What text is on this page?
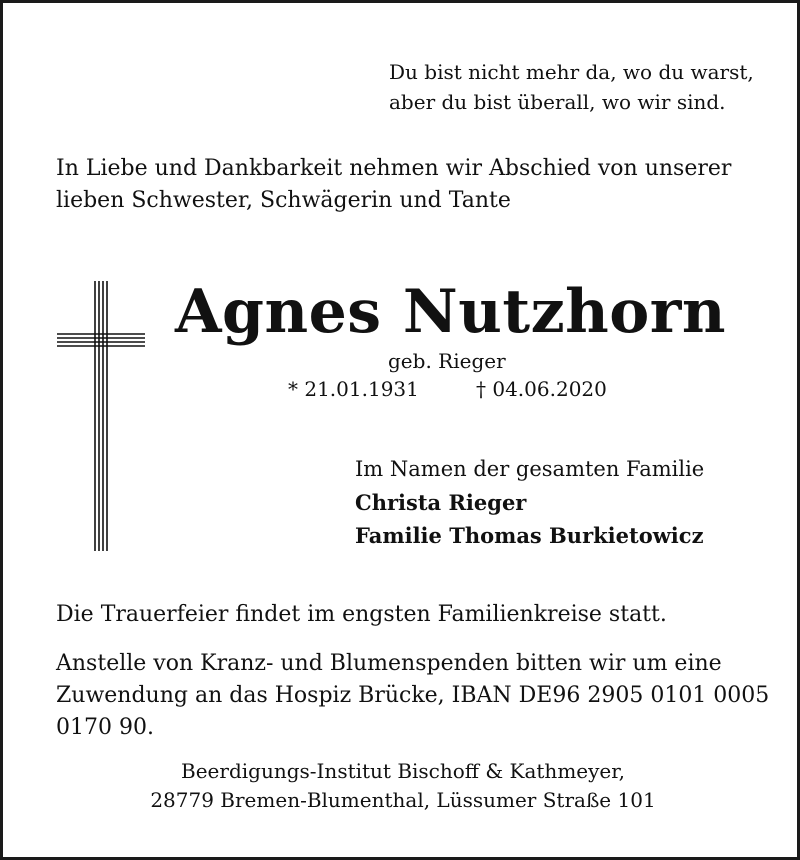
Du bist nicht mehr da, wo du warst,
aber du bist überall, wo wir sind.
In Liebe und Dankbarkeit nehmen wir Abschied von unserer
lieben Schwester, Schwägerin und Tante
Agnes Nutzhorn
geb. Rieger
* 21.01.1931	† 04.06.2020
Im Namen der gesamten Familie
Christa Rieger
Familie Thomas Burkietowicz
Die Trauerfeier findet im engsten Familienkreise statt.
Anstelle von Kranz- und Blumenspenden bitten wir um eine
Zuwendung an das Hospiz Brücke, IBAN DE96 2905 0101 0005
0170 90.
Beerdigungs-Institut Bischoff & Kathmeyer,
28779 Bremen-Blumenthal, Lüssumer Straße 101
